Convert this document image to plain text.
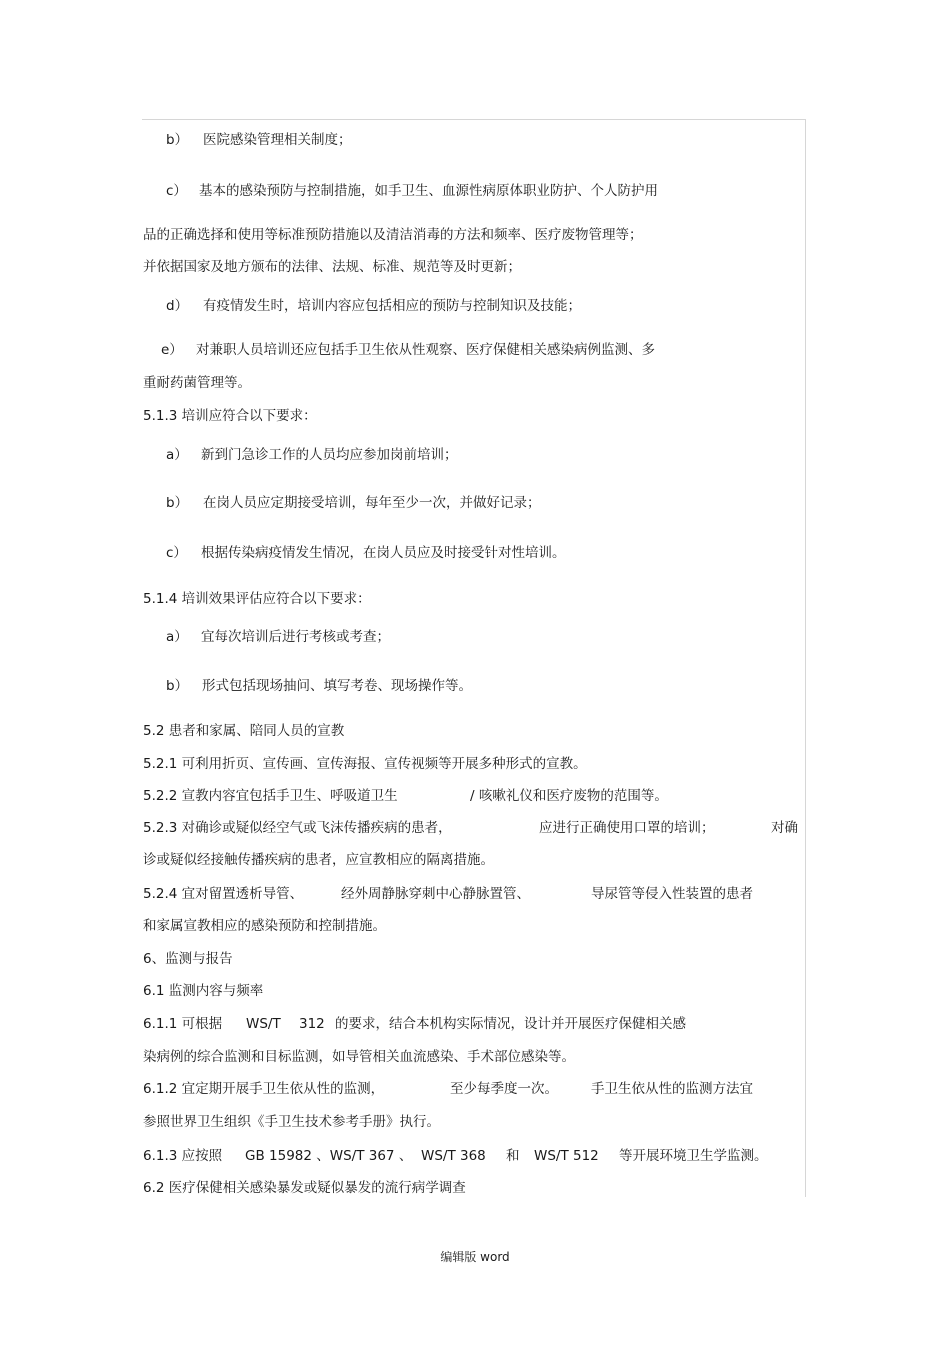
b） 医院感染管理相关制度；
c） 基本的感染预防与控制措施，如手卫生、血源性病原体职业防护、个人防护用
品的正确选择和使用等标准预防措施以及清洁消毒的方法和频率、医疗废物管理等；
并依据国家及地方颁布的法律、法规、标准、规范等及时更新；
d） 有疫情发生时，培训内容应包括相应的预防与控制知识及技能；
e） 对兼职人员培训还应包括手卫生依从性观察、医疗保健相关感染病例监测、多
重耐药菌管理等。
5.1.3 培训应符合以下要求：
a） 新到门急诊工作的人员均应参加岗前培训；
b） 在岗人员应定期接受培训，每年至少一次，并做好记录；
c） 根据传染病疫情发生情况，在岗人员应及时接受针对性培训。
5.1.4 培训效果评估应符合以下要求：
a） 宜每次培训后进行考核或考查；
b） 形式包括现场抽问、填写考卷、现场操作等。
5.2 患者和家属、陪同人员的宣教
5.2.1 可利用折页、宣传画、宣传海报、宣传视频等开展多种形式的宣教。
5.2.2 宣教内容宜包括手卫生、呼吸道卫生	/ 咳嗽礼仪和医疗废物的范围等。
5.2.3 对确诊或疑似经空气或飞沫传播疾病的患者，	应进行正确使用口罩的培训；	对确
诊或疑似经接触传播疾病的患者，应宣教相应的隔离措施。
5.2.4 宜对留置透析导管、	经外周静脉穿刺中心静脉置管、	导尿管等侵入性装置的患者
和家属宣教相应的感染预防和控制措施。
6、监测与报告
6.1 监测内容与频率
6.1.1 可根据 WS/T 312 的要求，结合本机构实际情况，设计并开展医疗保健相关感
染病例的综合监测和目标监测，如导管相关血流感染、手术部位感染等。
6.1.2 宜定期开展手卫生依从性的监测，	至少每季度一次。 手卫生依从性的监测方法宜
参照世界卫生组织《手卫生技术参考手册》执行。
6.1.3 应按照 GB 15982 、WS/T 367 、 WS/T 368 和 WS/T 512 等开展环境卫生学监测。
6.2 医疗保健相关感染暴发或疑似暴发的流行病学调查
编辑版 word
